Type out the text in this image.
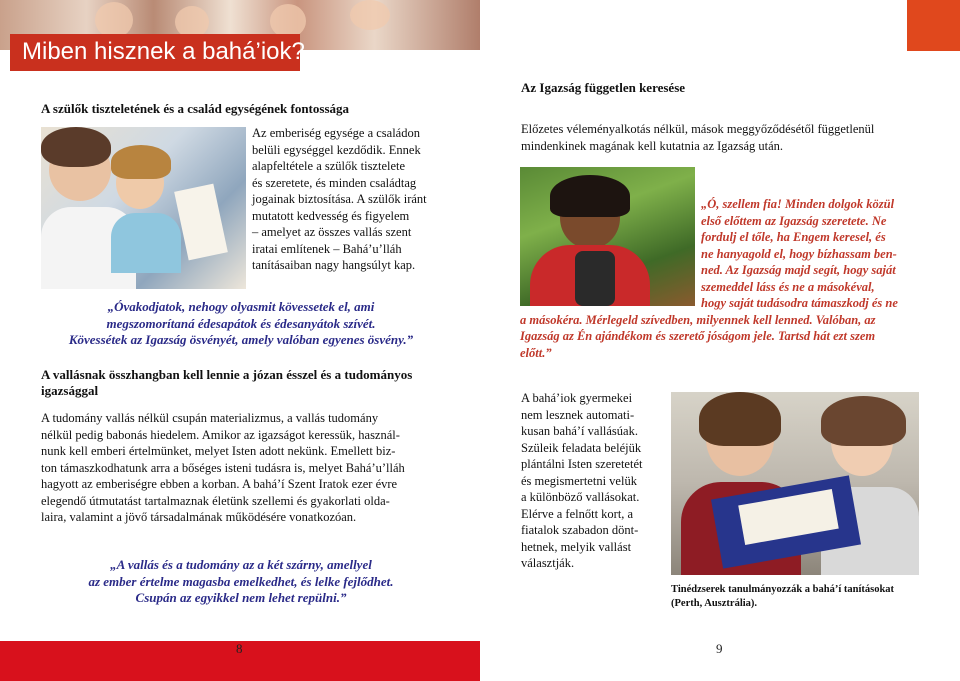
Miben hisznek a bahá’iok?
A szülők tiszteletének és a család egységének fontossága
Az emberiség egysége a családon
belüli egységgel kezdődik. Ennek
alapfeltétele a szülők tisztelete
és szeretete, és minden családtag
jogainak biztosítása. A szülők iránt
mutatott kedvesség és figyelem
– amelyet az összes vallás szent
iratai említenek – Bahá’u’lláh
tanításaiban nagy hangsúlyt kap.
„Óvakodjatok, nehogy olyasmit kövessetek el, ami
megszomorítaná édesapátok és édesanyátok szívét.
Kövessétek az Igazság ösvényét, amely valóban egyenes ösvény.”
A vallásnak összhangban kell lennie a józan ésszel és a tudományos
igazsággal
A tudomány vallás nélkül csupán materializmus, a vallás tudomány
nélkül pedig babonás hiedelem. Amikor az igazságot keressük, használ-
nunk kell emberi értelmünket, melyet Isten adott nekünk. Emellett biz-
ton támaszkodhatunk arra a bőséges isteni tudásra is, melyet Bahá’u’lláh
hagyott az emberiségre ebben a korban. A bahá’í Szent Iratok ezer évre
elegendő útmutatást tartalmaznak életünk szellemi és gyakorlati olda-
laira, valamint a jövő társadalmának működésére vonatkozóan.
„A vallás és a tudomány az a két szárny, amellyel
az ember értelme magasba emelkedhet, és lelke fejlődhet.
Csupán az egyikkel nem lehet repülni.”
Az Igazság független keresése
Előzetes véleményalkotás nélkül, mások meggyőződésétől függetlenül
mindenkinek magának kell kutatnia az Igazság után.
„Ó, szellem fia! Minden dolgok közül
első előttem az Igazság szeretete. Ne
fordulj el tőle, ha Engem keresel, és
ne hanyagold el, hogy bízhassam ben-
ned. Az Igazság majd segít, hogy saját
szemeddel láss és ne a másokéval,
hogy saját tudásodra támaszkodj és ne
a másokéra. Mérlegeld szívedben, milyennek kell lenned. Valóban, az
Igazság az Én ajándékom és szerető jóságom jele. Tartsd hát ezt szem
előtt.”
A bahá’iok gyermekei
nem lesznek automati-
kusan bahá’í vallásúak.
Szüleik feladata beléjük
plántálni Isten szeretetét
és megismertetni velük
a különböző vallásokat.
Elérve a felnőtt kort, a
fiatalok szabadon dönt-
hetnek, melyik vallást
választják.
Tinédzserek tanulmányozzák a bahá’í tanításokat
(Perth, Ausztrália).
8	9
